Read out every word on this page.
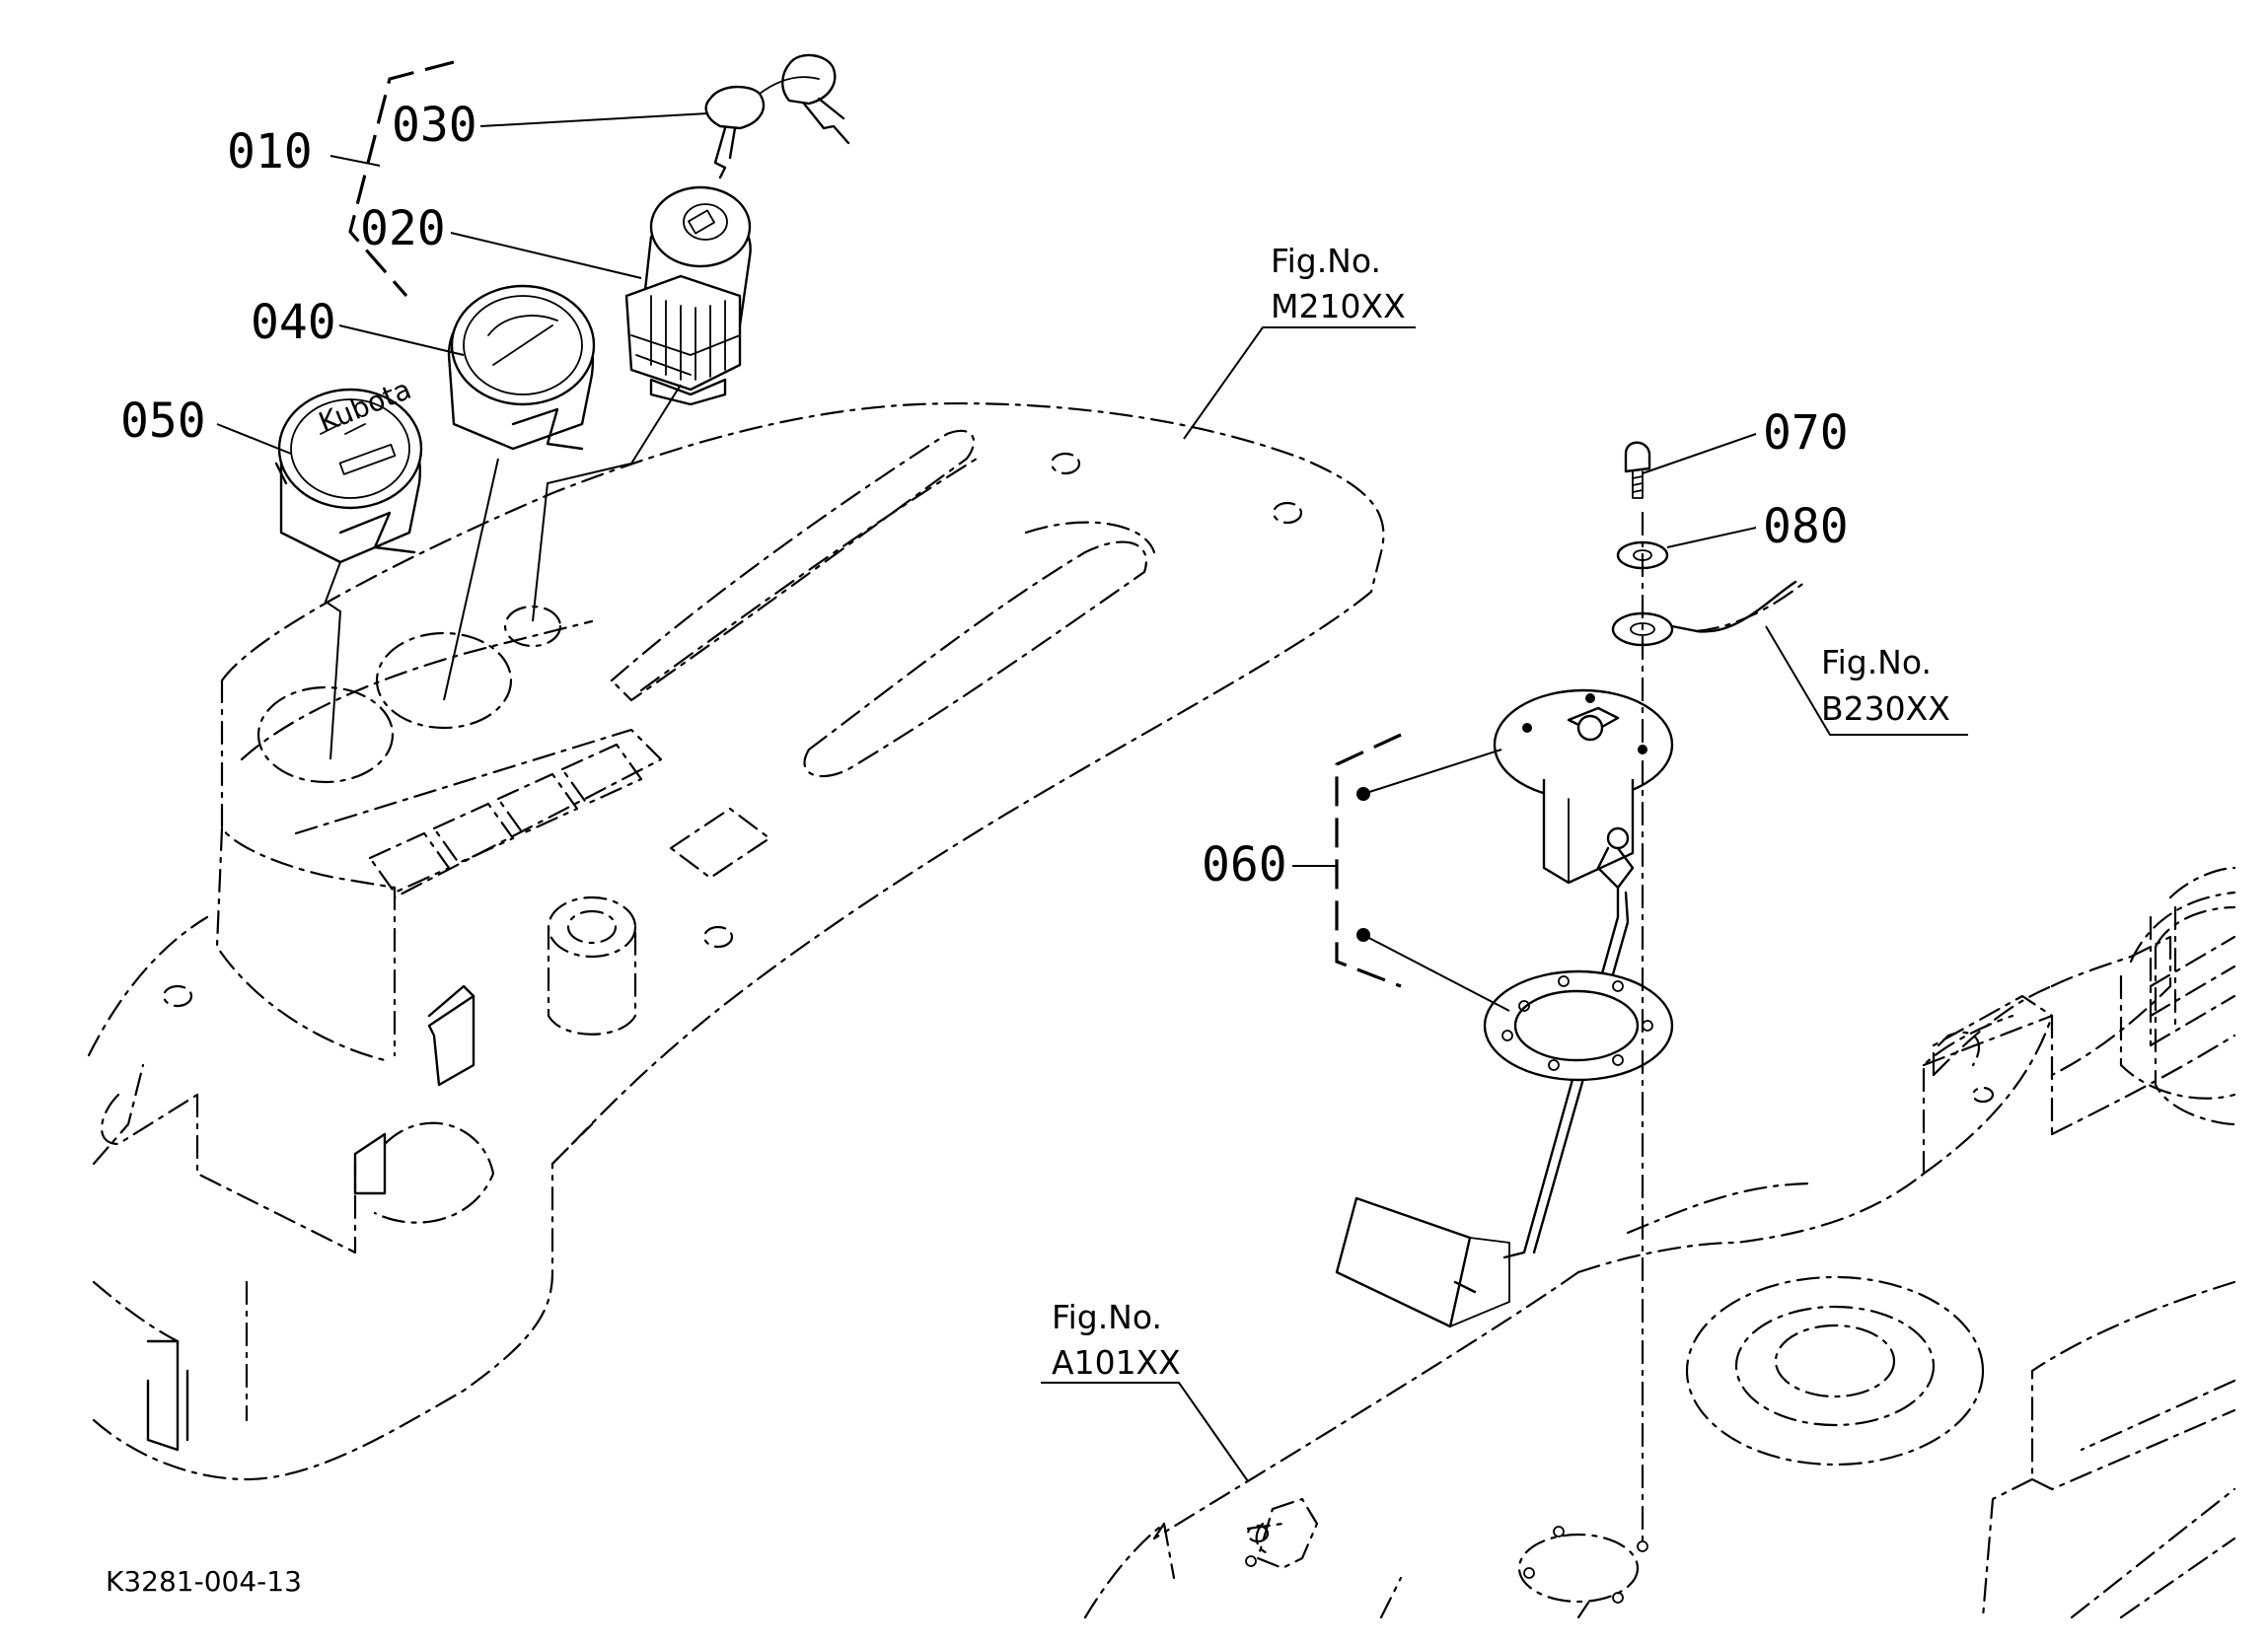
Kubota
010 030
020
040
050
060
070
080
Fig.No.
M210XX
Fig.No.
B230XX
Fig.No.
A101XX
K3281-004-13
